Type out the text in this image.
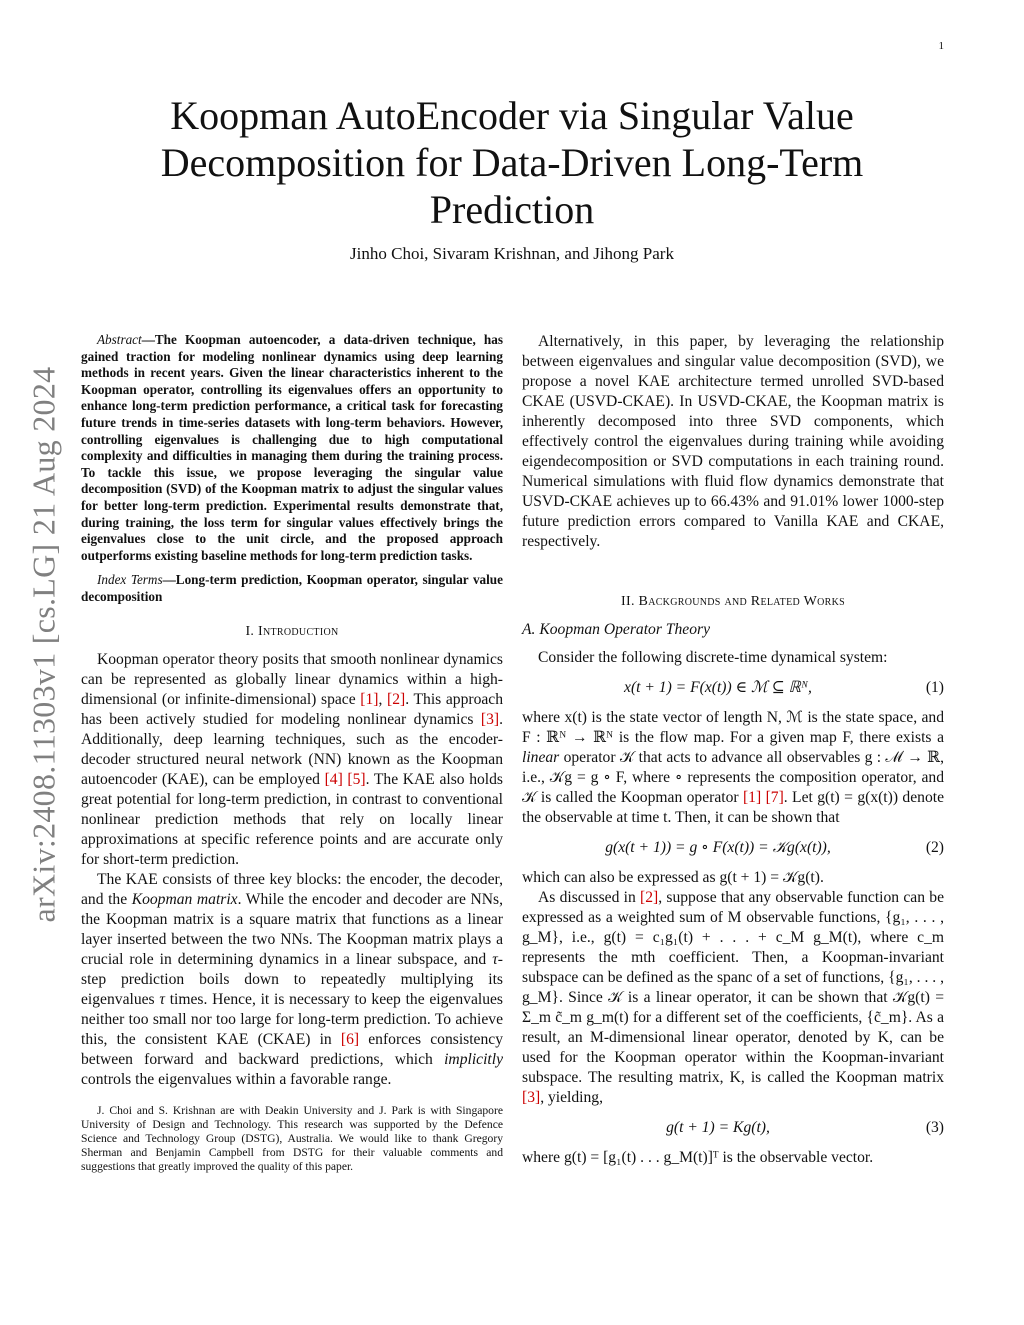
1
arXiv:2408.11303v1 [cs.LG] 21 Aug 2024
Koopman AutoEncoder via Singular Value
Decomposition for Data-Driven Long-Term
Prediction
Jinho Choi, Sivaram Krishnan, and Jihong Park

Abstract—The Koopman autoencoder, a data-driven technique, has gained traction for modeling nonlinear dynamics using deep learning methods in recent years. Given the linear characteristics inherent to the Koopman operator, controlling its eigenvalues offers an opportunity to enhance long-term prediction performance, a critical task for forecasting future trends in time-series datasets with long-term behaviors. However, controlling eigenvalues is challenging due to high computational complexity and difficulties in managing them during the training process. To tackle this issue, we propose leveraging the singular value decomposition (SVD) of the Koopman matrix to adjust the singular values for better long-term prediction. Experimental results demonstrate that, during training, the loss term for singular values effectively brings the eigenvalues close to the unit circle, and the proposed approach outperforms existing baseline methods for long-term prediction tasks.

Index Terms—Long-term prediction, Koopman operator, singular value decomposition

I. Introduction

Koopman operator theory posits that smooth nonlinear dynamics can be represented as globally linear dynamics within a high-dimensional (or infinite-dimensional) space [1], [2]. This approach has been actively studied for modeling nonlinear dynamics [3]. Additionally, deep learning techniques, such as the encoder-decoder structured neural network (NN) known as the Koopman autoencoder (KAE), can be employed [4] [5]. The KAE also holds great potential for long-term prediction, in contrast to conventional nonlinear prediction methods that rely on locally linear approximations at specific reference points and are accurate only for short-term prediction.

The KAE consists of three key blocks: the encoder, the decoder, and the Koopman matrix. While the encoder and decoder are NNs, the Koopman matrix is a square matrix that functions as a linear layer inserted between the two NNs. The Koopman matrix plays a crucial role in determining dynamics in a linear subspace, and τ-step prediction boils down to repeatedly multiplying its eigenvalues τ times. Hence, it is necessary to keep the eigenvalues neither too small nor too large for long-term prediction. To achieve this, the consistent KAE (CKAE) in [6] enforces consistency between forward and backward predictions, which implicitly controls the eigenvalues within a favorable range.

J. Choi and S. Krishnan are with Deakin University and J. Park is with Singapore University of Design and Technology. This research was supported by the Defence Science and Technology Group (DSTG), Australia. We would like to thank Gregory Sherman and Benjamin Campbell from DSTG for their valuable comments and suggestions that greatly improved the quality of this paper.

Alternatively, in this paper, by leveraging the relationship between eigenvalues and singular value decomposition (SVD), we propose a novel KAE architecture termed unrolled SVD-based CKAE (USVD-CKAE). In USVD-CKAE, the Koopman matrix is inherently decomposed into three SVD components, which effectively control the eigenvalues during training while avoiding eigendecomposition or SVD computations in each training round. Numerical simulations with fluid flow dynamics demonstrate that USVD-CKAE achieves up to 66.43% and 91.01% lower 1000-step future prediction errors compared to Vanilla KAE and CKAE, respectively.

II. Backgrounds and Related Works
A. Koopman Operator Theory

Consider the following discrete-time dynamical system:

x(t + 1) = F(x(t)) ∈ ℳ ⊆ ℝᴺ,	(1)

where x(t) is the state vector of length N, ℳ is the state space, and F : ℝᴺ → ℝᴺ is the flow map. For a given map F, there exists a linear operator 𝒦 that acts to advance all observables g : ℳ → ℝ, i.e., 𝒦g = g ∘ F, where ∘ represents the composition operator, and 𝒦 is called the Koopman operator [1] [7]. Let g(t) = g(x(t)) denote the observable at time t. Then, it can be shown that

g(x(t + 1)) = g ∘ F(x(t)) = 𝒦g(x(t)),	(2)

which can also be expressed as g(t + 1) = 𝒦g(t).

As discussed in [2], suppose that any observable function can be expressed as a weighted sum of M observable functions, {g₁, . . . , g_M}, i.e., g(t) = c₁g₁(t) + . . . + c_M g_M(t), where c_m represents the mth coefficient. Then, a Koopman-invariant subspace can be defined as the spanc of a set of functions, {g₁, . . . , g_M}. Since 𝒦 is a linear operator, it can be shown that 𝒦g(t) = Σ_m c̃_m g_m(t) for a different set of the coefficients, {c̃_m}. As a result, an M-dimensional linear operator, denoted by K, can be used for the Koopman operator within the Koopman-invariant subspace. The resulting matrix, K, is called the Koopman matrix [3], yielding,

g(t + 1) = Kg(t),	(3)

where g(t) = [g₁(t) . . . g_M(t)]ᵀ is the observable vector.
